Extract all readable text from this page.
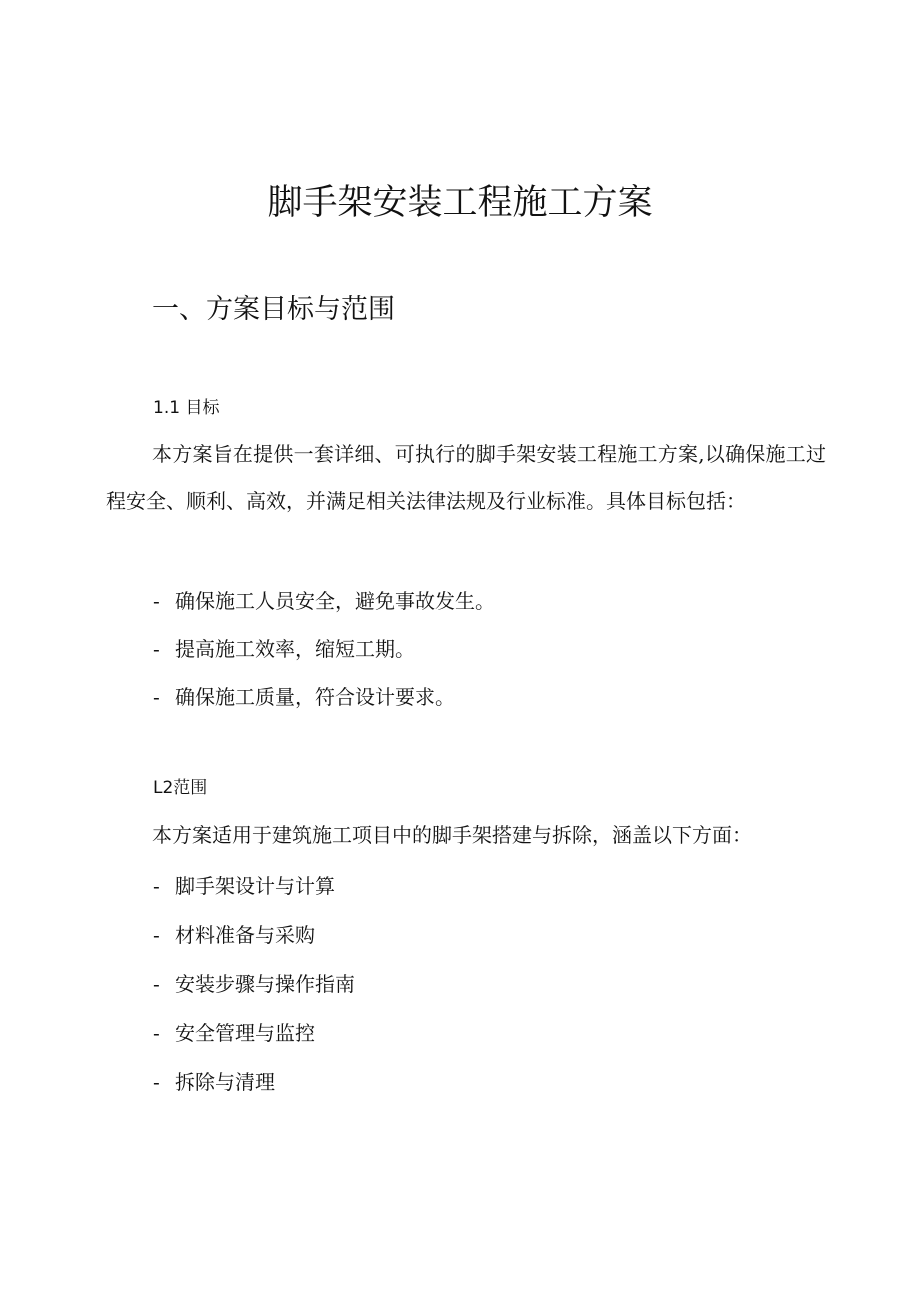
脚手架安装工程施工方案
一、方案目标与范围
1.1 目标

本方案旨在提供一套详细、可执行的脚手架安装工程施工方案,以确保施工过程安全、顺利、高效，并满足相关法律法规及行业标准。具体目标包括：

- 确保施工人员安全，避免事故发生。
- 提高施工效率，缩短工期。
- 确保施工质量，符合设计要求。
L2范围

本方案适用于建筑施工项目中的脚手架搭建与拆除，涵盖以下方面：

- 脚手架设计与计算
- 材料准备与采购
- 安装步骤与操作指南
- 安全管理与监控
- 拆除与清理
